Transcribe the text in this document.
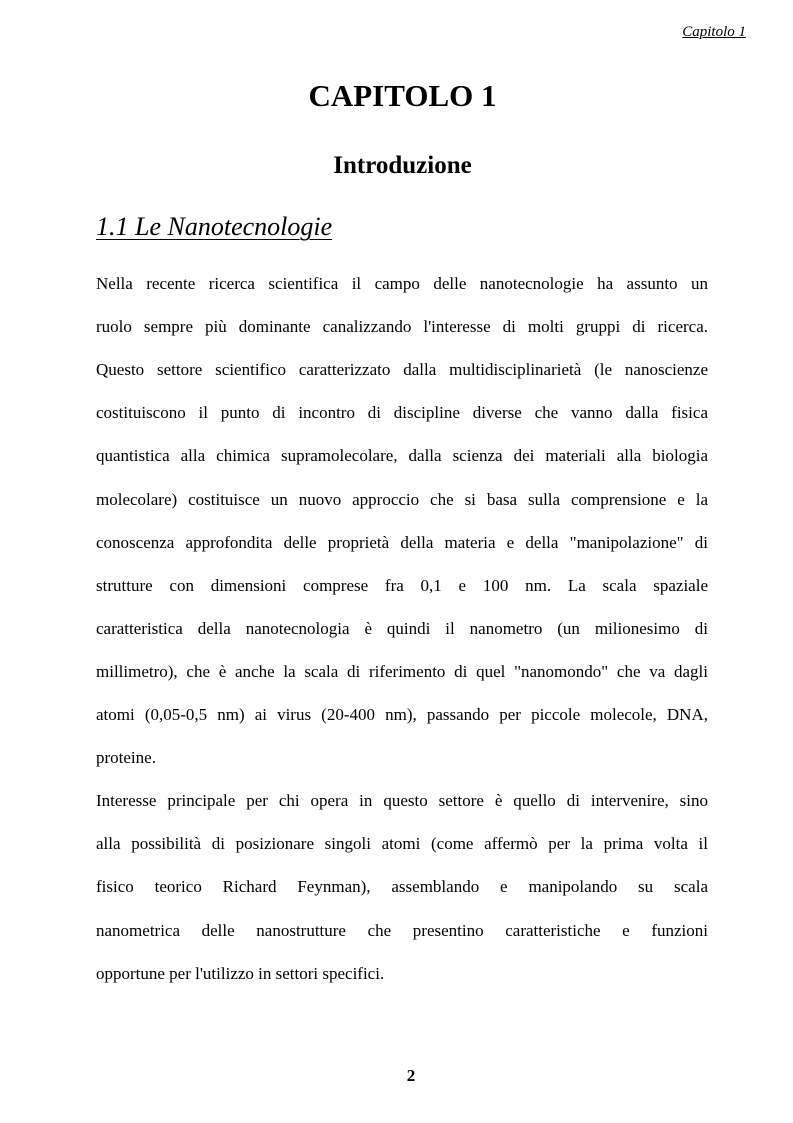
Capitolo 1
CAPITOLO 1
Introduzione
1.1 Le Nanotecnologie
Nella recente ricerca scientifica il campo delle nanotecnologie ha assunto un
ruolo sempre più dominante canalizzando l'interesse di molti gruppi di ricerca.
Questo settore scientifico caratterizzato dalla multidisciplinarietà (le nanoscienze
costituiscono il punto di incontro di discipline diverse che vanno dalla fisica
quantistica alla chimica supramolecolare, dalla scienza dei materiali alla biologia
molecolare) costituisce un nuovo approccio che si basa sulla comprensione e la
conoscenza approfondita delle proprietà della materia e della "manipolazione" di
strutture con dimensioni comprese fra 0,1 e 100 nm. La scala spaziale
caratteristica della nanotecnologia è quindi il nanometro (un milionesimo di
millimetro), che è anche la scala di riferimento di quel "nanomondo" che va dagli
atomi (0,05-0,5 nm) ai virus (20-400 nm), passando per piccole molecole, DNA,
proteine.
Interesse principale per chi opera in questo settore è quello di intervenire, sino
alla possibilità di posizionare singoli atomi (come affermò per la prima volta il
fisico teorico Richard Feynman), assemblando e manipolando su scala
nanometrica delle nanostrutture che presentino caratteristiche e funzioni
opportune per l'utilizzo in settori specifici.
2
